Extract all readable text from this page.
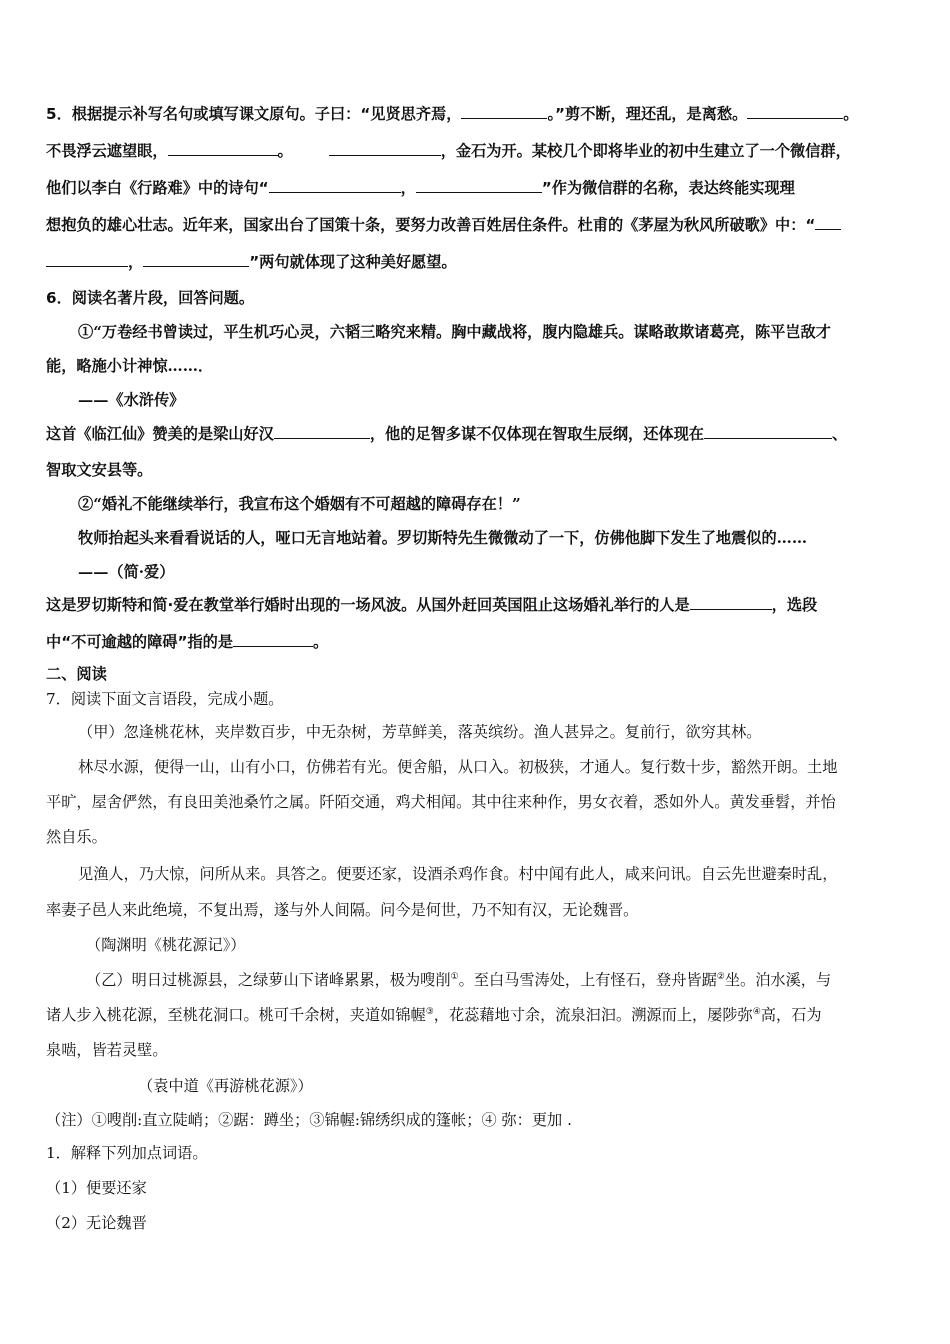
5．根据提示补写名句或填写课文原句。子曰：“见贤思齐焉，	。”剪不断，理还乱，是离愁。	。
不畏浮云遮望眼，	。	，金石为开。某校几个即将毕业的初中生建立了一个微信群，
他们以李白《行路难》中的诗句“	，	”作为微信群的名称，表达终能实现理
想抱负的雄心壮志。近年来，国家出台了国策十条，要努力改善百姓居住条件。杜甫的《茅屋为秋风所破歌》中：“
，	”两句就体现了这种美好愿望。
6．阅读名著片段，回答问题。
①“万卷经书曾读过，平生机巧心灵，六韬三略究来精。胸中藏战将，腹内隐雄兵。谋略敢欺诸葛亮，陈平岂敌才
能，略施小计神惊……．
——《水浒传》
这首《临江仙》赞美的是梁山好汉	，他的足智多谋不仅体现在智取生辰纲，还体现在	、
智取文安县等。
②“婚礼不能继续举行，我宣布这个婚姻有不可超越的障碍存在！”
牧师抬起头来看看说话的人，哑口无言地站着。罗切斯特先生微微动了一下，仿佛他脚下发生了地震似的……
——（简·爱）
这是罗切斯特和简·爱在教堂举行婚时出现的一场风波。从国外赶回英国阻止这场婚礼举行的人是	，选段
中“不可逾越的障碍”指的是	。
二、阅读
7．阅读下面文言语段，完成小题。
（甲）忽逢桃花林，夹岸数百步，中无杂树，芳草鲜美，落英缤纷。渔人甚异之。复前行，欲穷其林。
林尽水源，便得一山，山有小口，仿佛若有光。便舍船，从口入。初极狭，才通人。复行数十步，豁然开朗。土地
平旷，屋舍俨然，有良田美池桑竹之属。阡陌交通，鸡犬相闻。其中往来种作，男女衣着，悉如外人。黄发垂髫，并怡
然自乐。
见渔人，乃大惊，问所从来。具答之。便要还家，设酒杀鸡作食。村中闻有此人，咸来问讯。自云先世避秦时乱，
率妻子邑人来此绝境，不复出焉，遂与外人间隔。问今是何世，乃不知有汉，无论魏晋。
（陶渊明《桃花源记》）
（乙）明日过桃源县，之绿萝山下诸峰累累，极为嗖削①。至白马雪涛处，上有怪石，登舟皆踞②坐。泊水溪，与
诸人步入桃花源，至桃花洞口。桃可千余树，夹道如锦幄③，花蕊藉地寸余，流泉汩汩。溯源而上，屡陟弥④高，石为
泉啮，皆若灵壁。
（袁中道《再游桃花源》）
（注）①嗖削:直立陡峭；②踞：蹲坐；③锦幄:锦绣织成的篷帐；④ 弥：更加 .
1．解释下列加点词语。
（1）便要还家
（2）无论魏晋
